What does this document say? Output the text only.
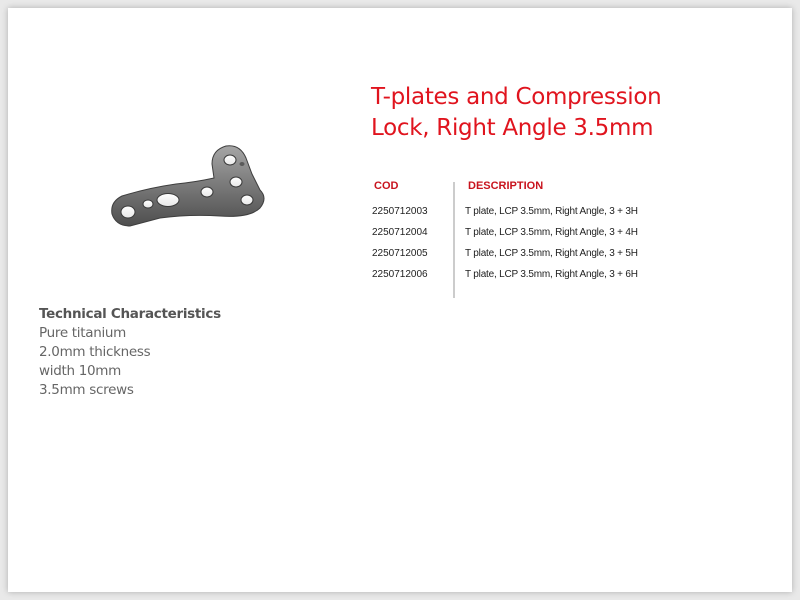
T-plates and Compression
Lock, Right Angle 3.5mm
COD	DESCRIPTION
2250712003	T plate, LCP 3.5mm, Right Angle, 3 + 3H
2250712004	T plate, LCP 3.5mm, Right Angle, 3 + 4H
2250712005	T plate, LCP 3.5mm, Right Angle, 3 + 5H
2250712006	T plate, LCP 3.5mm, Right Angle, 3 + 6H
Technical Characteristics
Pure titanium
2.0mm thickness
width 10mm
3.5mm screws
